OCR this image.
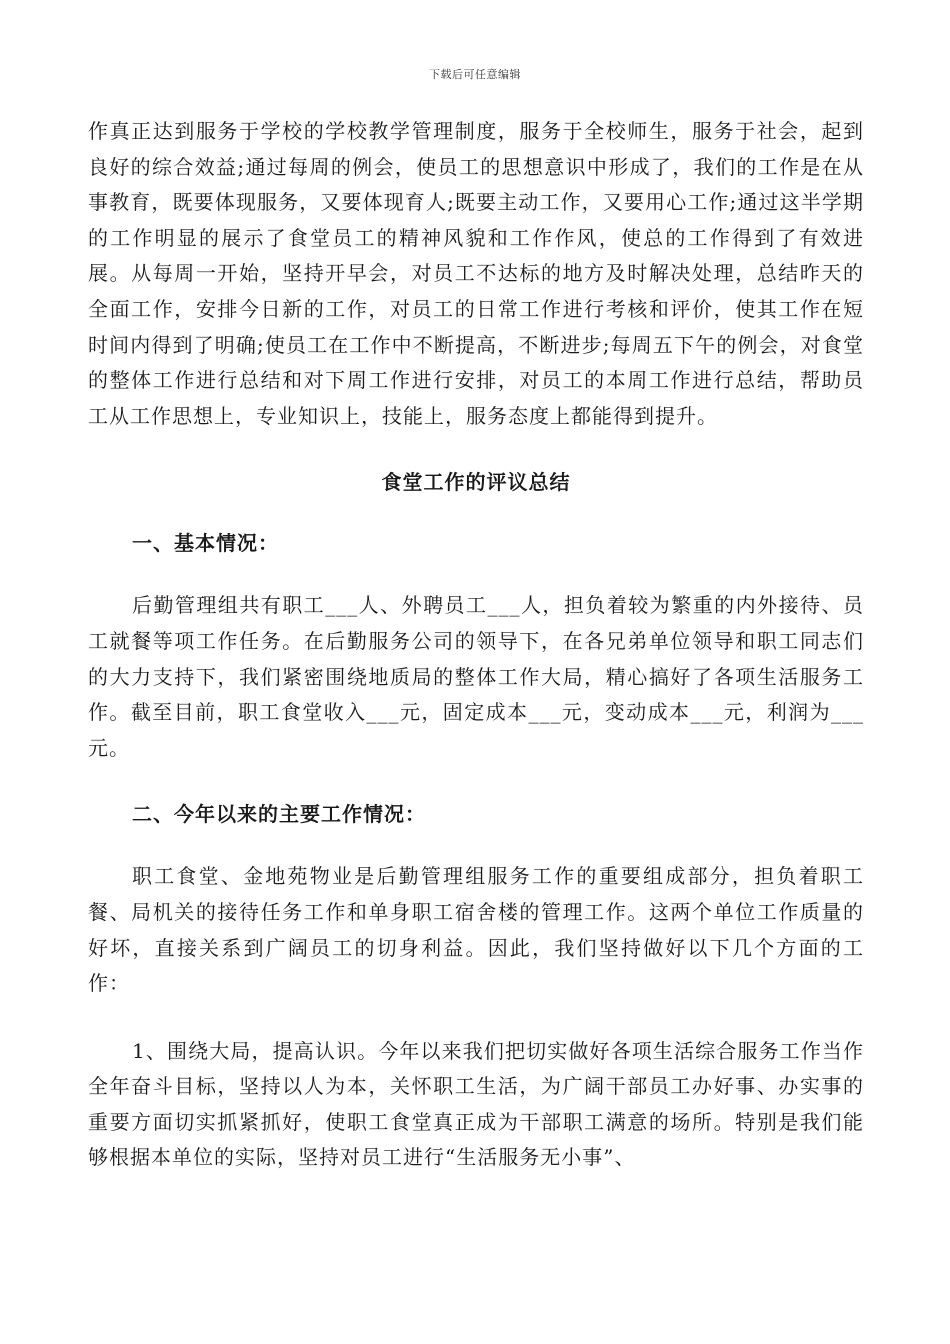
下载后可任意编辑

作真正达到服务于学校的学校教学管理制度，服务于全校师生，服务于社会，起到良好的综合效益;通过每周的例会，使员工的思想意识中形成了，我们的工作是在从事教育，既要体现服务，又要体现育人;既要主动工作，又要用心工作;通过这半学期的工作明显的展示了食堂员工的精神风貌和工作作风，使总的工作得到了有效进展。从每周一开始，坚持开早会，对员工不达标的地方及时解决处理，总结昨天的全面工作，安排今日新的工作，对员工的日常工作进行考核和评价，使其工作在短时间内得到了明确;使员工在工作中不断提高，不断进步;每周五下午的例会，对食堂的整体工作进行总结和对下周工作进行安排，对员工的本周工作进行总结，帮助员工从工作思想上，专业知识上，技能上，服务态度上都能得到提升。

食堂工作的评议总结
一、基本情况：

后勤管理组共有职工___人、外聘员工___人，担负着较为繁重的内外接待、员工就餐等项工作任务。在后勤服务公司的领导下，在各兄弟单位领导和职工同志们的大力支持下，我们紧密围绕地质局的整体工作大局，精心搞好了各项生活服务工作。截至目前，职工食堂收入___元，固定成本___元，变动成本___元，利润为___元。

二、今年以来的主要工作情况：

职工食堂、金地苑物业是后勤管理组服务工作的重要组成部分，担负着职工餐、局机关的接待任务工作和单身职工宿舍楼的管理工作。这两个单位工作质量的好坏，直接关系到广阔员工的切身利益。因此，我们坚持做好以下几个方面的工作：

1、围绕大局，提高认识。今年以来我们把切实做好各项生活综合服务工作当作全年奋斗目标，坚持以人为本，关怀职工生活，为广阔干部员工办好事、办实事的重要方面切实抓紧抓好，使职工食堂真正成为干部职工满意的场所。特别是我们能够根据本单位的实际，坚持对员工进行“生活服务无小事”、
